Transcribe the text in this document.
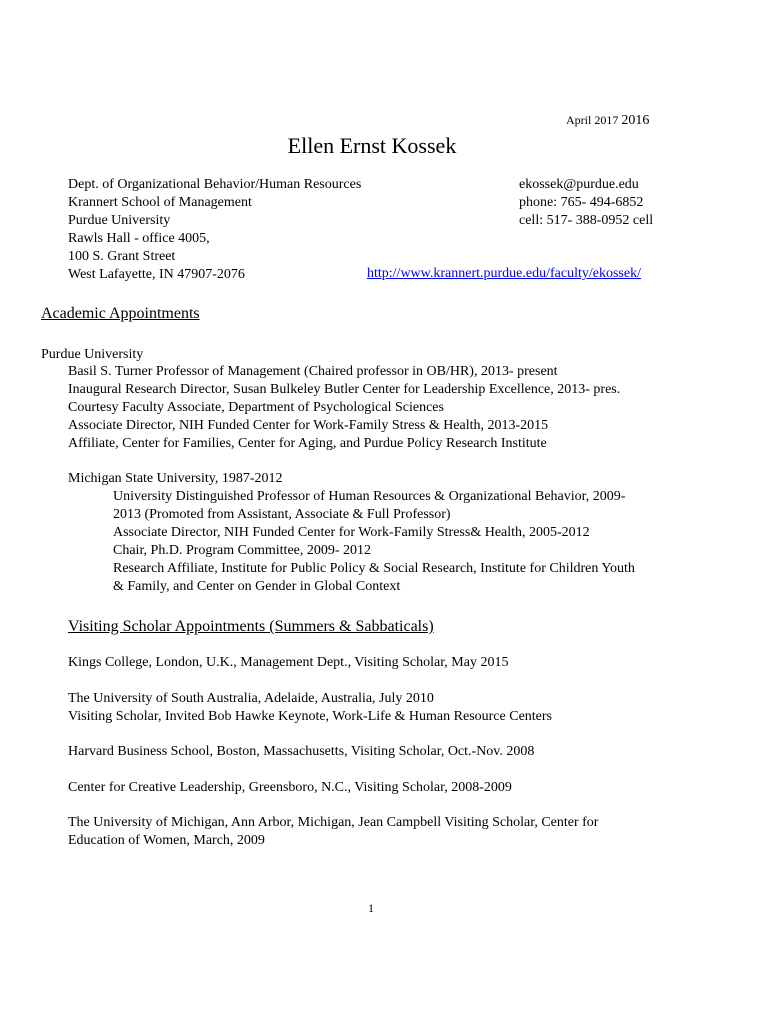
April 2017 2016
Ellen Ernst Kossek
Dept. of Organizational Behavior/Human Resources
Krannert School of Management
Purdue University
Rawls Hall - office 4005,
100 S. Grant Street
West Lafayette, IN 47907-2076
ekossek@purdue.edu
phone: 765- 494-6852
cell: 517- 388-0952 cell
http://www.krannert.purdue.edu/faculty/ekossek/
Academic Appointments
Purdue University
Basil S. Turner Professor of Management (Chaired professor in OB/HR), 2013- present
Inaugural Research Director, Susan Bulkeley Butler Center for Leadership Excellence, 2013- pres.
Courtesy Faculty Associate, Department of Psychological Sciences
Associate Director, NIH Funded Center for Work-Family Stress & Health, 2013-2015
Affiliate, Center for Families, Center for Aging, and Purdue Policy Research Institute
Michigan State University, 1987-2012
University Distinguished Professor of Human Resources & Organizational Behavior, 2009-
2013 (Promoted from Assistant, Associate & Full Professor)
Associate Director, NIH Funded Center for Work-Family Stress& Health, 2005-2012
Chair, Ph.D. Program Committee, 2009- 2012
Research Affiliate, Institute for Public Policy & Social Research, Institute for Children Youth
& Family, and Center on Gender in Global Context
Visiting Scholar Appointments (Summers & Sabbaticals)
Kings College, London, U.K., Management Dept., Visiting Scholar, May 2015
The University of South Australia, Adelaide, Australia, July 2010
Visiting Scholar, Invited Bob Hawke Keynote, Work-Life & Human Resource Centers
Harvard Business School, Boston, Massachusetts, Visiting Scholar, Oct.-Nov. 2008
Center for Creative Leadership, Greensboro, N.C., Visiting Scholar, 2008-2009
The University of Michigan, Ann Arbor, Michigan, Jean Campbell Visiting Scholar, Center for
Education of Women, March, 2009
1
